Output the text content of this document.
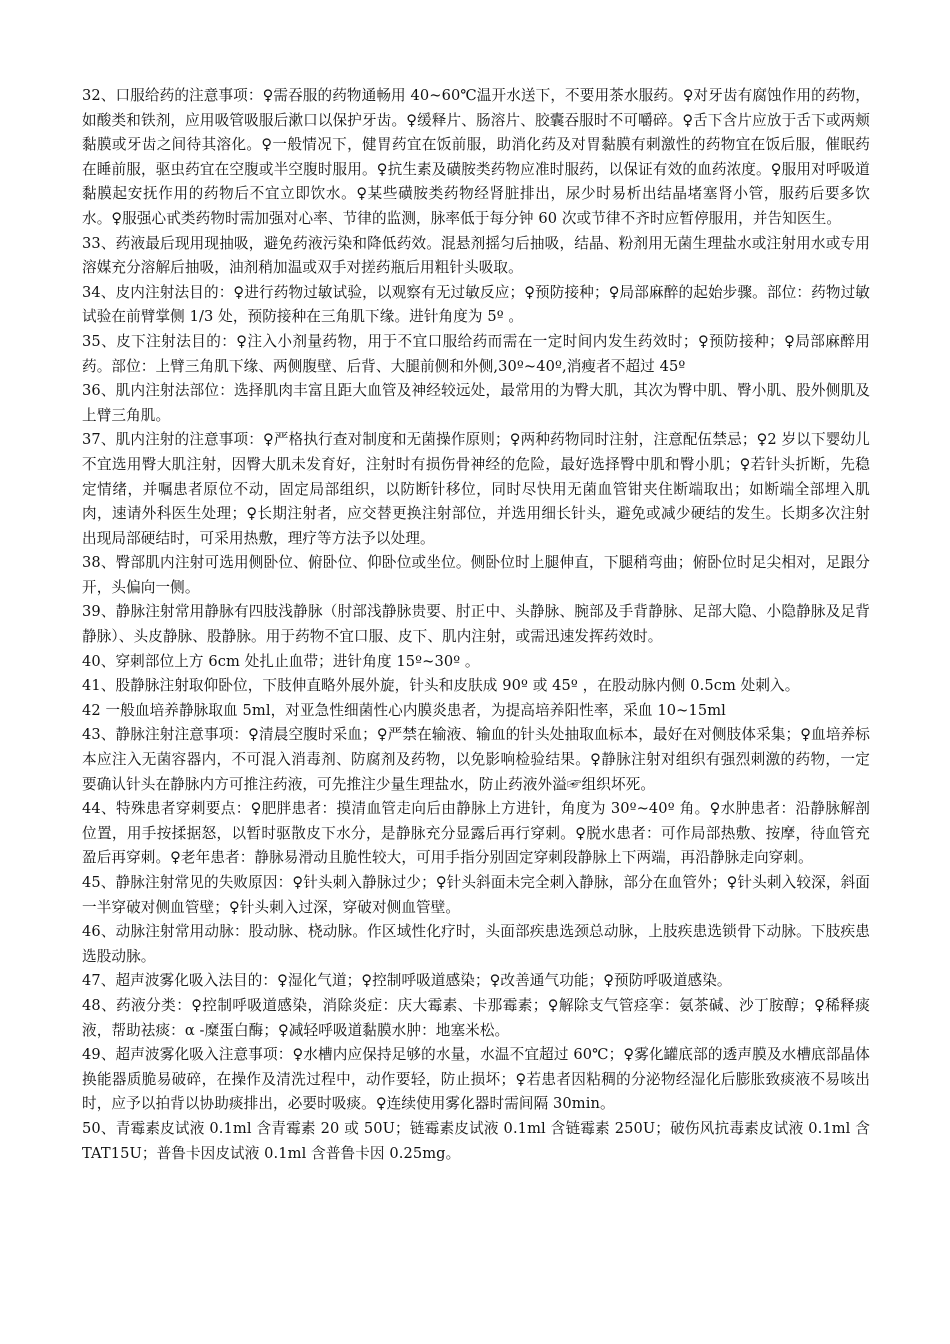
32、口服给药的注意事项：♀需吞服的药物通畅用 40~60℃温开水送下，不要用茶水服药。♀对牙齿有腐蚀作用的药物，如酸类和铁剂，应用吸管吸服后漱口以保护牙齿。♀缓释片、肠溶片、胶囊吞服时不可嚼碎。♀舌下含片应放于舌下或两颊黏膜或牙齿之间待其溶化。♀一般情况下，健胃药宜在饭前服，助消化药及对胃黏膜有刺激性的药物宜在饭后服，催眠药在睡前服，驱虫药宜在空腹或半空腹时服用。♀抗生素及磺胺类药物应准时服药，以保证有效的血药浓度。♀服用对呼吸道黏膜起安抚作用的药物后不宜立即饮水。♀某些磺胺类药物经肾脏排出，尿少时易析出结晶堵塞肾小管，服药后要多饮水。♀服强心甙类药物时需加强对心率、节律的监测，脉率低于每分钟 60 次或节律不齐时应暂停服用，并告知医生。

33、药液最后现用现抽吸，避免药液污染和降低药效。混悬剂摇匀后抽吸，结晶、粉剂用无菌生理盐水或注射用水或专用溶媒充分溶解后抽吸，油剂稍加温或双手对搓药瓶后用粗针头吸取。

34、皮内注射法目的：♀进行药物过敏试验，以观察有无过敏反应；♀预防接种；♀局部麻醉的起始步骤。部位：药物过敏试验在前臂掌侧 1/3 处，预防接种在三角肌下缘。进针角度为 5º 。

35、皮下注射法目的：♀注入小剂量药物，用于不宜口服给药而需在一定时间内发生药效时；♀预防接种；♀局部麻醉用药。部位：上臂三角肌下缘、两侧腹壁、后背、大腿前侧和外侧,30º~40º,消瘦者不超过 45º

36、肌内注射法部位：选择肌肉丰富且距大血管及神经较远处，最常用的为臀大肌，其次为臀中肌、臀小肌、股外侧肌及上臂三角肌。

37、肌内注射的注意事项：♀严格执行查对制度和无菌操作原则；♀两种药物同时注射，注意配伍禁忌；♀2 岁以下婴幼儿不宜选用臀大肌注射，因臀大肌未发育好，注射时有损伤骨神经的危险，最好选择臀中肌和臀小肌；♀若针头折断，先稳定情绪，并嘱患者原位不动，固定局部组织，以防断针移位，同时尽快用无菌血管钳夹住断端取出；如断端全部埋入肌肉，速请外科医生处理；♀长期注射者，应交替更换注射部位，并选用细长针头，避免或减少硬结的发生。长期多次注射出现局部硬结时，可采用热敷，理疗等方法予以处理。

38、臀部肌内注射可选用侧卧位、俯卧位、仰卧位或坐位。侧卧位时上腿伸直，下腿稍弯曲；俯卧位时足尖相对，足跟分开，头偏向一侧。

39、静脉注射常用静脉有四肢浅静脉（肘部浅静脉贵要、肘正中、头静脉、腕部及手背静脉、足部大隐、小隐静脉及足背静脉）、头皮静脉、股静脉。用于药物不宜口服、皮下、肌内注射，或需迅速发挥药效时。

40、穿刺部位上方 6cm 处扎止血带；进针角度 15º~30º 。

41、股静脉注射取仰卧位，下肢伸直略外展外旋，针头和皮肤成 90º 或 45º ，在股动脉内侧 0.5cm 处刺入。

42 一般血培养静脉取血 5ml，对亚急性细菌性心内膜炎患者，为提高培养阳性率，采血 10~15ml

43、静脉注射注意事项：♀清晨空腹时采血；♀严禁在输液、输血的针头处抽取血标本，最好在对侧肢体采集；♀血培养标本应注入无菌容器内，不可混入消毒剂、防腐剂及药物，以免影响检验结果。♀静脉注射对组织有强烈刺激的药物，一定要确认针头在静脉内方可推注药液，可先推注少量生理盐水，防止药液外溢☞组织坏死。

44、特殊患者穿刺要点：♀肥胖患者：摸清血管走向后由静脉上方进针，角度为 30º~40º 角。♀水肿患者：沿静脉解剖位置，用手按揉据怒，以暂时驱散皮下水分，是静脉充分显露后再行穿刺。♀脱水患者：可作局部热敷、按摩，待血管充盈后再穿刺。♀老年患者：静脉易滑动且脆性较大，可用手指分别固定穿刺段静脉上下两端，再沿静脉走向穿刺。

45、静脉注射常见的失败原因：♀针头刺入静脉过少；♀针头斜面未完全刺入静脉，部分在血管外；♀针头刺入较深，斜面一半穿破对侧血管壁；♀针头刺入过深，穿破对侧血管壁。

46、动脉注射常用动脉：股动脉、桡动脉。作区域性化疗时，头面部疾患选颈总动脉，上肢疾患选锁骨下动脉。下肢疾患选股动脉。

47、超声波雾化吸入法目的：♀湿化气道；♀控制呼吸道感染；♀改善通气功能；♀预防呼吸道感染。

48、药液分类：♀控制呼吸道感染，消除炎症：庆大霉素、卡那霉素；♀解除支气管痉挛：氨茶碱、沙丁胺醇；♀稀释痰液，帮助祛痰：α -糜蛋白酶；♀减轻呼吸道黏膜水肿：地塞米松。

49、超声波雾化吸入注意事项：♀水槽内应保持足够的水量，水温不宜超过 60℃；♀雾化罐底部的透声膜及水槽底部晶体换能器质脆易破碎，在操作及清洗过程中，动作要轻，防止损坏；♀若患者因粘稠的分泌物经湿化后膨胀致痰液不易咳出时，应予以拍背以协助痰排出，必要时吸痰。♀连续使用雾化器时需间隔 30min。

50、青霉素皮试液 0.1ml 含青霉素 20 或 50U；链霉素皮试液 0.1ml 含链霉素 250U；破伤风抗毒素皮试液 0.1ml 含 TAT15U；普鲁卡因皮试液 0.1ml 含普鲁卡因 0.25mg。
